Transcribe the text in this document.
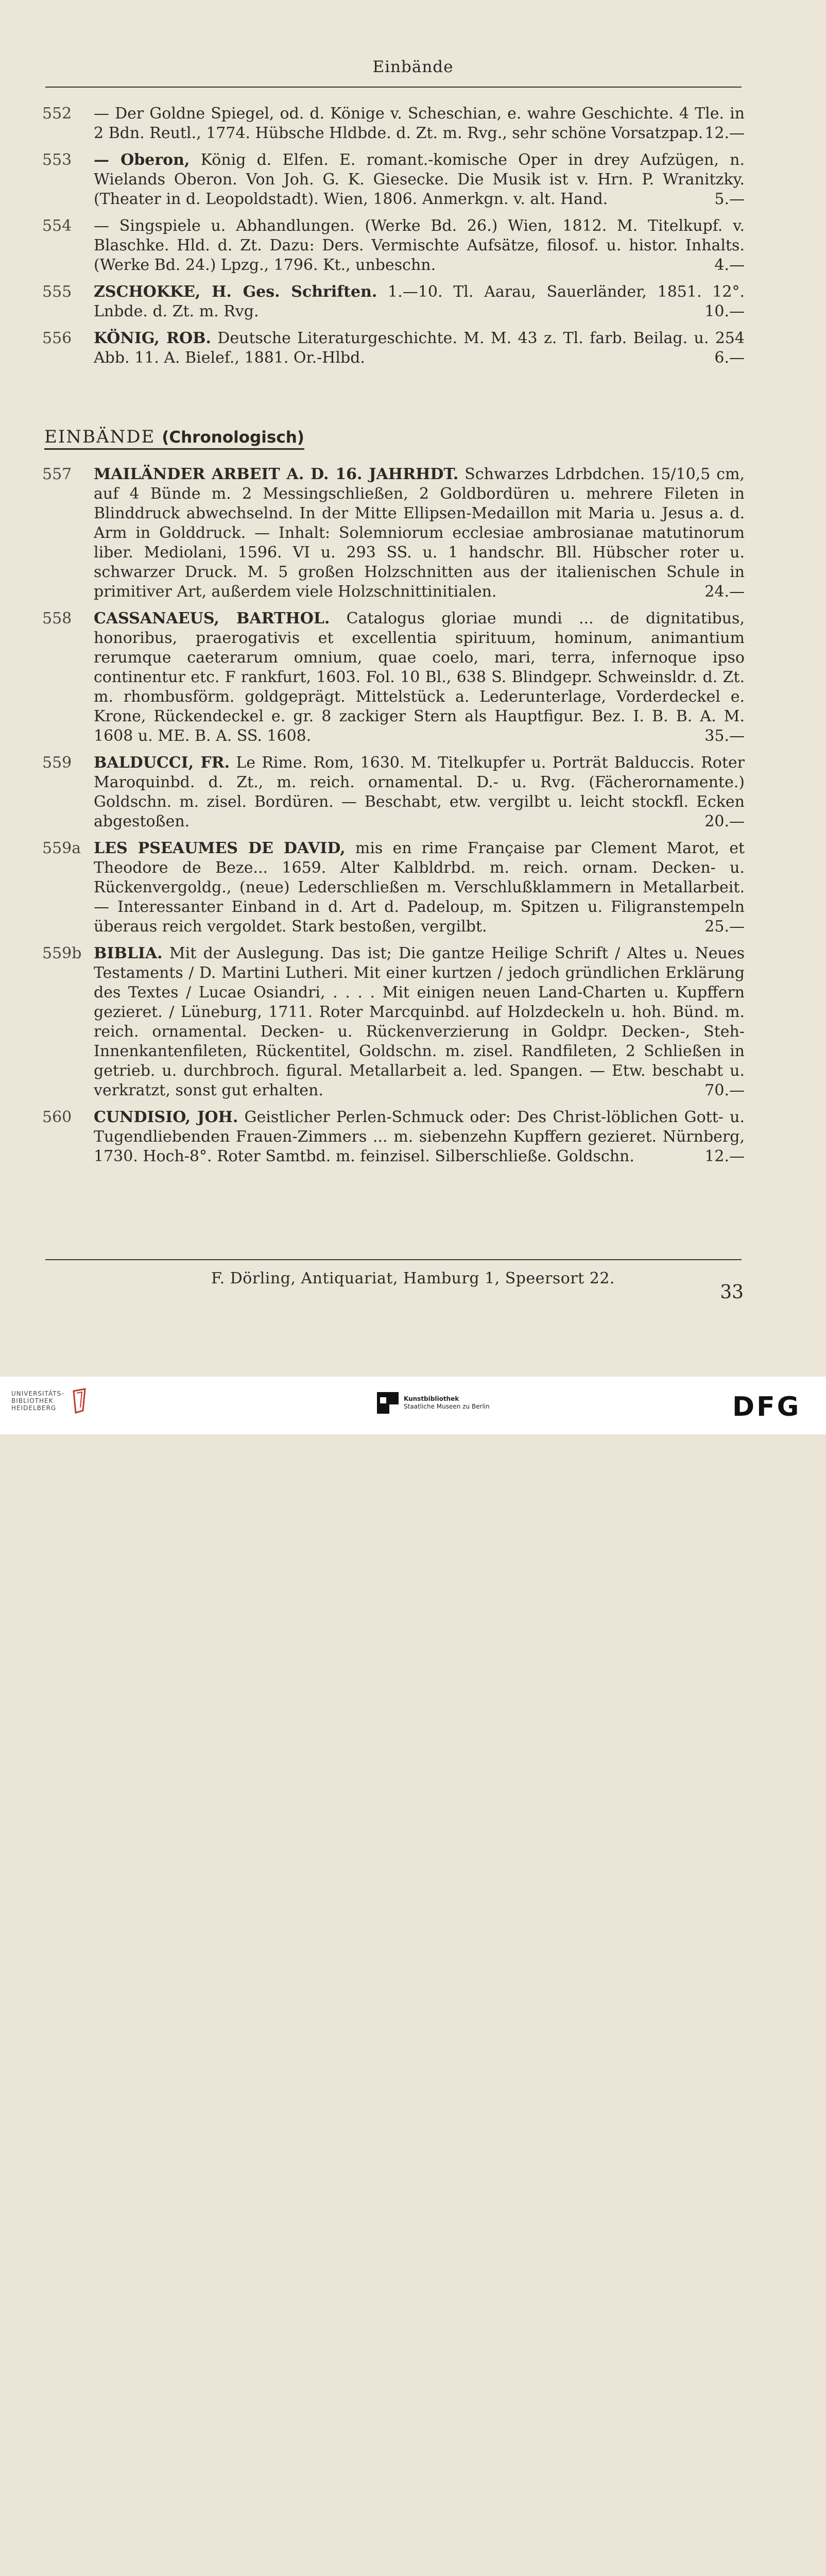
Einbände
552	— Der Goldne Spiegel, od. d. Könige v. Scheschian, e. wahre Geschichte. 4 Tle. in 2 Bdn. Reutl., 1774. Hübsche Hldbde. d. Zt. m. Rvg., sehr schöne Vorsatzpap. 12.—
553	— Oberon, König d. Elfen. E. romant.-komische Oper in drey Aufzügen, n. Wielands Oberon. Von Joh. G. K. Giesecke. Die Musik ist v. Hrn. P. Wranitzky. (Theater in d. Leopoldstadt). Wien, 1806. Anmerkgn. v. alt. Hand.	5.—
554	— Singspiele u. Abhandlungen. (Werke Bd. 26.) Wien, 1812. M. Titelkupf. v. Blaschke. Hld. d. Zt. Dazu: Ders. Vermischte Aufsätze, filosof. u. histor. Inhalts. (Werke Bd. 24.) Lpzg., 1796. Kt., unbeschn.	4.—
555	ZSCHOKKE, H. Ges. Schriften. 1.—10. Tl. Aarau, Sauerländer, 1851. 12°. Lnbde. d. Zt. m. Rvg.	10.—
556	KÖNIG, ROB. Deutsche Literaturgeschichte. M. M. 43 z. Tl. farb. Beilag. u. 254 Abb. 11. A. Bielef., 1881. Or.-Hlbd.	6.—
EINBÄNDE (Chronologisch)
557	MAILÄNDER ARBEIT A. D. 16. JAHRHDT. Schwarzes Ldrbdchen. 15/10,5 cm, auf 4 Bünde m. 2 Messingschließen, 2 Goldbordüren u. mehrere Fileten in Blinddruck abwechselnd. In der Mitte Ellipsen-Medaillon mit Maria u. Jesus a. d. Arm in Golddruck. — Inhalt: Solemniorum ecclesiae ambrosianae matutinorum liber. Mediolani, 1596. VI u. 293 SS. u. 1 handschr. Bll. Hübscher roter u. schwarzer Druck. M. 5 großen Holzschnitten aus der italienischen Schule in primitiver Art, außerdem viele Holzschnittinitialen.	24.—
558	CASSANAEUS, BARTHOL. Catalogus gloriae mundi ... de dignitatibus, honoribus, praerogativis et excellentia spirituum, hominum, animantium rerumque caeterarum omnium, quae coelo, mari, terra, infernoque ipso continentur etc. F rankfurt, 1603. Fol. 10 Bl., 638 S. Blindgepr. Schweinsldr. d. Zt. m. rhombusförm. goldgeprägt. Mittelstück a. Lederunterlage, Vorderdeckel e. Krone, Rückendeckel e. gr. 8 zackiger Stern als Hauptfigur. Bez. I. B. B. A. M. 1608 u. ME. B. A. SS. 1608.	35.—
559	BALDUCCI, FR. Le Rime. Rom, 1630. M. Titelkupfer u. Porträt Balduccis. Roter Maroquinbd. d. Zt., m. reich. ornamental. D.- u. Rvg. (Fächerornamente.) Goldschn. m. zisel. Bordüren. — Beschabt, etw. vergilbt u. leicht stockfl. Ecken abgestoßen.	20.—
559a LES PSEAUMES DE DAVID, mis en rime Française par Clement Marot, et Theodore de Beze... 1659. Alter Kalbldrbd. m. reich. ornam. Decken- u. Rückenvergoldg., (neue) Lederschließen m. Verschlußklammern in Metallarbeit. — Interessanter Einband in d. Art d. Padeloup, m. Spitzen u. Filigranstempeln überaus reich vergoldet. Stark bestoßen, vergilbt.	25.—
559b BIBLIA. Mit der Auslegung. Das ist; Die gantze Heilige Schrift / Altes u. Neues Testaments / D. Martini Lutheri. Mit einer kurtzen / jedoch gründlichen Erklärung des Textes / Lucae Osiandri, . . . . Mit einigen neuen Land-Charten u. Kupffern gezieret. / Lüneburg, 1711. Roter Marcquinbd. auf Holzdeckeln u. hoh. Bünd. m. reich. ornamental. Decken- u. Rückenverzierung in Goldpr. Decken-, Steh-Innenkantenfileten, Rückentitel, Goldschn. m. zisel. Randfileten, 2 Schließen in getrieb. u. durchbroch. figural. Metallarbeit a. led. Spangen. — Etw. beschabt u. verkratzt, sonst gut erhalten.	70.—
560	CUNDISIO, JOH. Geistlicher Perlen-Schmuck oder: Des Christ-löblichen Gott- u. Tugendliebenden Frauen-Zimmers ... m. siebenzehn Kupffern gezieret. Nürnberg, 1730. Hoch-8°. Roter Samtbd. m. feinzisel. Silberschließe. Goldschn.	12.—
F. Dörling, Antiquariat, Hamburg 1, Speersort 22.
33
UNIVERSITÄTS-
BIBLIOTHEK
HEIDELBERG
Kunstbibliothek
Staatliche Museen zu Berlin	DFG
